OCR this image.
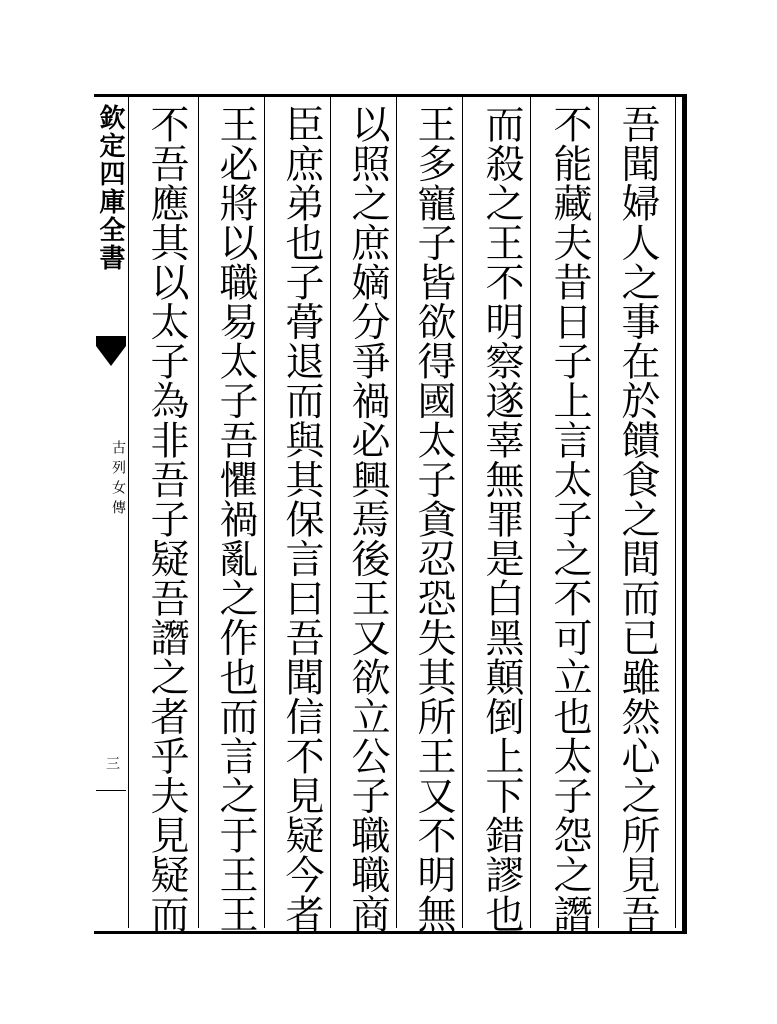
欽定四庫全書
古列女傳
三	吾聞婦人之事在於饋食之間而已雖然心之所見吾
不能藏夫昔日子上言太子之不可立也太子怨之譖
而殺之王不明察遂辜無罪是白黑顛倒上下錯謬也
王多寵子皆欲得國太子貪忍恐失其所王又不明無
以照之庶嫡分爭禍必興焉後王又欲立公子職職商
臣庶弟也子蓇退而與其保言曰吾聞信不見疑今者
王必將以職易太子吾懼禍亂之作也而言之于王王
不吾應其以太子為非吾子疑吾譖之者乎夫見疑而
